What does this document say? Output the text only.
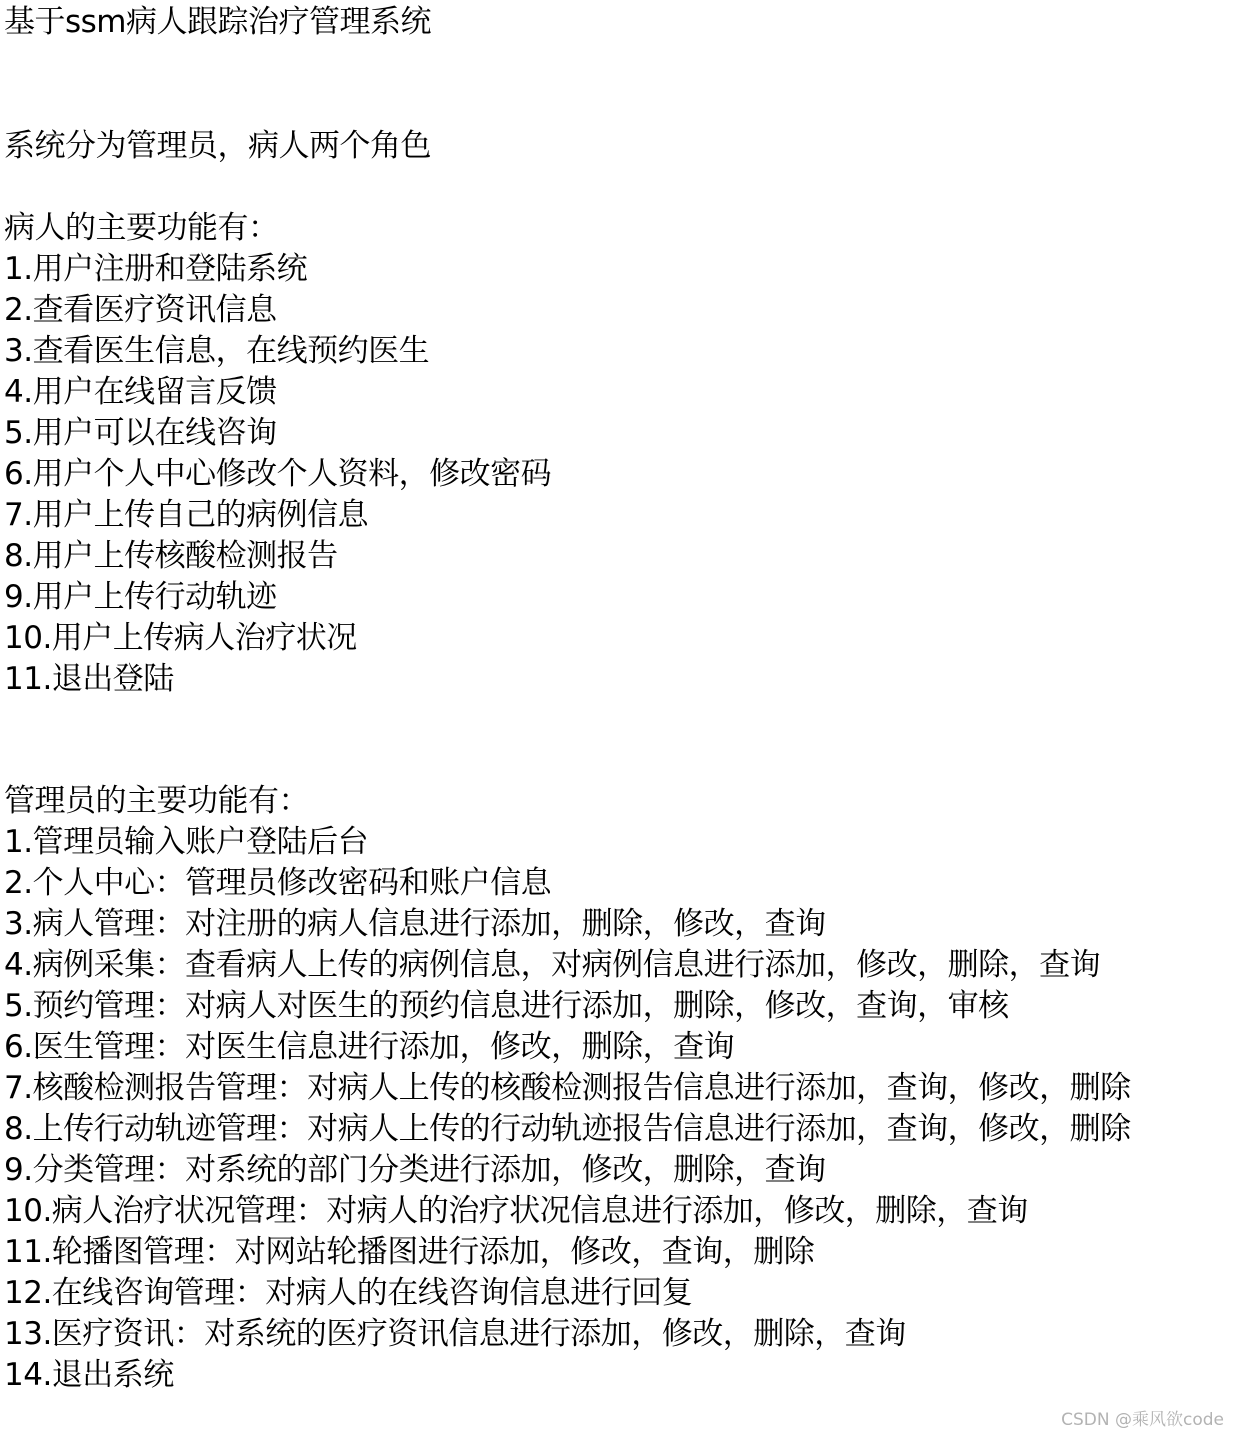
基于ssm病人跟踪治疗管理系统
系统分为管理员，病人两个角色
病人的主要功能有：
1.用户注册和登陆系统
2.查看医疗资讯信息
3.查看医生信息，在线预约医生
4.用户在线留言反馈
5.用户可以在线咨询
6.用户个人中心修改个人资料，修改密码
7.用户上传自己的病例信息
8.用户上传核酸检测报告
9.用户上传行动轨迹
10.用户上传病人治疗状况
11.退出登陆
管理员的主要功能有：
1.管理员输入账户登陆后台
2.个人中心：管理员修改密码和账户信息
3.病人管理：对注册的病人信息进行添加，删除，修改，查询
4.病例采集：查看病人上传的病例信息，对病例信息进行添加，修改，删除，查询
5.预约管理：对病人对医生的预约信息进行添加，删除，修改，查询，审核
6.医生管理：对医生信息进行添加，修改，删除，查询
7.核酸检测报告管理：对病人上传的核酸检测报告信息进行添加，查询，修改，删除
8.上传行动轨迹管理：对病人上传的行动轨迹报告信息进行添加，查询，修改，删除
9.分类管理：对系统的部门分类进行添加，修改，删除，查询
10.病人治疗状况管理：对病人的治疗状况信息进行添加，修改，删除，查询
11.轮播图管理：对网站轮播图进行添加，修改，查询，删除
12.在线咨询管理：对病人的在线咨询信息进行回复
13.医疗资讯：对系统的医疗资讯信息进行添加，修改，删除，查询
14.退出系统
CSDN @乘风欲code
